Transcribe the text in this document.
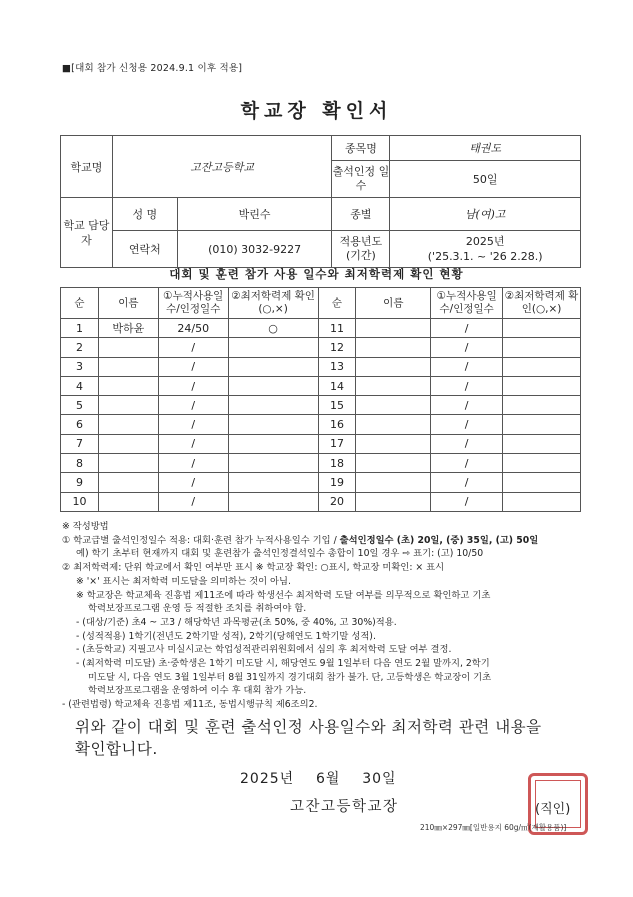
■[대회 참가 신청용 2024.9.1 이후 적용]
학교장 확인서
학교명	고잔고등학교		종목명	태권도
			출석인정 일수	50일
학교 담당자	성 명	박린수	종별	남(여)고
	연락처	(010) 3032-9227	적용년도 (기간)	2025년
('25.3.1. ~ '26 2.28.)
대회 및 훈련 참가 사용 일수와 최저학력제 확인 현황
순	이름	①누적사용일수/인정일수	②최저학력제 확인(○,×)	순	이름	①누적사용일수/인정일수	②최저학력제 확인(○,×)
1	박하윤	24/50	○	11		/	
2		/		12		/	
3		/		13		/	
4		/		14		/	
5		/		15		/	
6		/		16		/	
7		/		17		/	
8		/		18		/	
9		/		19		/	
10		/		20		/	

※ 작성방법

① 학교급별 출석인정일수 적용: 대회·훈련 참가 누적사용일수 기입 / 출석인정일수 (초) 20일, (중) 35일, (고) 50일

예) 학기 초부터 현재까지 대회 및 훈련참가 출석인정결석일수 총합이 10일 경우 ⇨ 표기: (고) 10/50

② 최저학력제: 단위 학교에서 확인 여부만 표시 ※ 학교장 확인: ○표시, 학교장 미확인: × 표시

※ '×' 표시는 최저학력 미도달을 의미하는 것이 아님.

※ 학교장은 학교체육 진흥법 제11조에 따라 학생선수 최저학력 도달 여부를 의무적으로 확인하고 기초

학력보장프로그램 운영 등 적절한 조치를 취하여야 함.

- (대상/기준) 초4 ~ 고3 / 해당학년 과목평균(초 50%, 중 40%, 고 30%)적용.

- (성적적용) 1학기(전년도 2학기말 성적), 2학기(당해연도 1학기말 성적).

- (초등학교) 지필고사 미실시교는 학업성적관리위원회에서 심의 후 최저학력 도달 여부 결정.

- (최저학력 미도달) 초·중학생은 1학기 미도달 시, 해당연도 9월 1일부터 다음 연도 2월 말까지, 2학기

미도달 시, 다음 연도 3월 1일부터 8월 31일까지 경기대회 참가 불가. 단, 고등학생은 학교장이 기초

학력보장프로그램을 운영하여 이수 후 대회 참가 가능.

- (관련법령) 학교체육 진흥법 제11조, 동법시행규칙 제6조의2.

위와 같이 대회 및 훈련 출석인정 사용일수와 최저학력 관련 내용을
확인합니다.
2025년 6월 30일
고잔고등학교장	(직인)
210㎜×297㎜[일반용지 60g/㎡(재활용품)]
